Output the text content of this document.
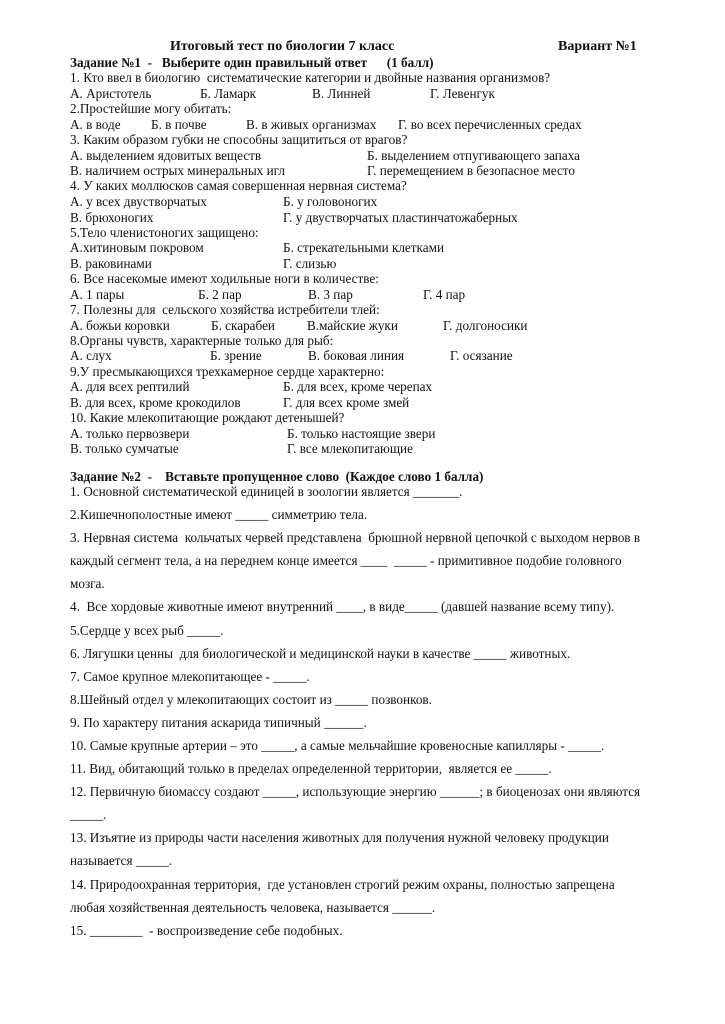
Итоговый тест по биологии 7 класс	Вариант №1
Задание №1  -   Выберите один правильный ответ      (1 балл)
1. Кто ввел в биологию  систематические категории и двойные названия организмов?
А. Аристотель	Б. Ламарк	В. Линней	Г. Левенгук
2.Простейшие могу обитать:
А. в воде Б. в почве	В. в живых организмах Г. во всех перечисленных средах
3. Каким образом губки не способны защититься от врагов?
А. выделением ядовитых веществ	Б. выделением отпугивающего запаха
В. наличием острых минеральных игл	Г. перемещением в безопасное место
4. У каких моллюсков самая совершенная нервная система?
А. у всех двустворчатых	Б. у головоногих
В. брюхоногих	Г. у двустворчатых пластинчатожаберных
5.Тело членистоногих защищено:
А.хитиновым покровом	Б. стрекательными клетками
В. раковинами	Г. слизью
6. Все насекомые имеют ходильные ноги в количестве:
А. 1 пары	Б. 2 пар	В. 3 пар	Г. 4 пар
7. Полезны для  сельского хозяйства истребители тлей:
А. божьи коровки	Б. скарабеи В.майские жуки	Г. долгоносики
8.Органы чувств, характерные только для рыб:
А. слух	Б. зрение	В. боковая линия	Г. осязание
9.У пресмыкающихся трехкамерное сердце характерно:
А. для всех рептилий	Б. для всех, кроме черепах
В. для всех, кроме крокодилов	Г. для всех кроме змей
10. Какие млекопитающие рождают детенышей?
А. только первозвери	Б. только настоящие звери
В. только сумчатые	Г. все млекопитающие
Задание №2  -    Вставьте пропущенное слово  (Каждое слово 1 балла)
1. Основной систематической единицей в зоологии является _______.
2.Кишечнополостные имеют _____ симметрию тела.
3. Нервная система  кольчатых червей представлена  брюшной нервной цепочкой с выходом нервов в
каждый сегмент тела, а на переднем конце имеется ____  _____ - примитивное подобие головного
мозга.
4.  Все хордовые животные имеют внутренний ____, в виде_____ (давшей название всему типу).
5.Сердце у всех рыб _____.
6. Лягушки ценны  для биологической и медицинской науки в качестве _____ животных.
7. Самое крупное млекопитающее - _____.
8.Шейный отдел у млекопитающих состоит из _____ позвонков.
9. По характеру питания аскарида типичный ______.
10. Самые крупные артерии – это _____, а самые мельчайшие кровеносные капилляры - _____.
11. Вид, обитающий только в пределах определенной территории,  является ее _____.
12. Первичную биомассу создают _____, использующие энергию ______; в биоценозах они являются
_____.
13. Изъятие из природы части населения животных для получения нужной человеку продукции
называется _____.
14. Природоохранная территория,  где установлен строгий режим охраны, полностью запрещена
любая хозяйственная деятельность человека, называется ______.
15. ________  - воспроизведение себе подобных.
